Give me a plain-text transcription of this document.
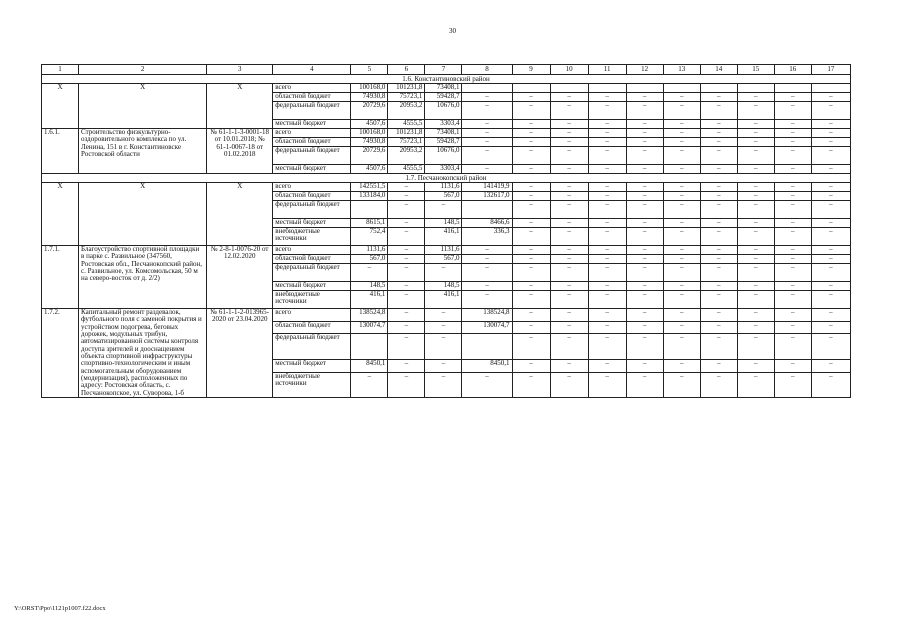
30
1	2	3	4	5	6	7	8	9	10	11	12	13	14	15	16	17
1.6. Константиновский район																
X	X	X	всего	100168,0	101231,8	73408,1										
			областной бюджет	74930,8	75723,1	59428,7	–	–	–	–	–	–	–	–	–	–
			федеральный бюджет	20729,6	20953,2	10676,0	–	–	–	–	–	–	–	–	–	–
			местный бюджет	4507,6	4555,5	3303,4	–	–	–	–	–	–	–	–	–	–
1.6.1.	Строительство физкультурно-оздоровительного комплекса по ул. Ленина, 151 в г. Константиновске Ростовской области	№ 61-1-1-3-0001-18 от 10.01.2018; № 61-1-0067-18 от 01.02.2018	всего	100168,0	101231,8	73408,1	–	–	–	–	–	–	–	–	–	–
			областной бюджет	74930,8	75723,1	59428,7	–	–	–	–	–	–	–	–	–	–
			федеральный бюджет	20729,6	20953,2	10676,0	–	–	–	–	–	–	–	–	–	–
			местный бюджет	4507,6	4555,5	3303,4	–	–	–	–	–	–	–	–	–	–
1.7. Песчанокопский район																
X	X	X	всего	142551,5	–	1131,6	141419,9	–	–	–	–	–	–	–	–	–
			областной бюджет	133184,0	–	567,0	132617,0	–	–	–	–	–	–	–	–	–
			федеральный бюджет		–	–		–	–	–	–	–	–	–	–	–
			местный бюджет	8615,1	–	148,5	8466,6	–	–	–	–	–	–	–	–	–
			внебюджетные источники	752,4	–	416,1	336,3	–	–	–	–	–	–	–	–	–
1.7.1.	Благоустройство спортивной площадки в парке с. Развильное (347560, Ростовская обл., Песчанокопский район, с. Развильное, ул. Комсомольская, 50 м на северо-восток от д. 2/2)	№ 2-8-1-0076-20 от 12.02.2020	всего	1131,6	–	1131,6	–	–	–	–	–	–	–	–	–	–
			областной бюджет	567,0	–	567,0	–	–	–	–	–	–	–	–	–	–
			федеральный бюджет	–	–	–	–	–	–	–	–	–	–	–	–	–
			местный бюджет	148,5	–	148,5	–	–	–	–	–	–	–	–	–	–
			внебюджетные источники	416,1	–	416,1	–	–	–	–	–	–	–	–	–	–
1.7.2.	Капитальный ремонт раздевалок, футбольного поля с заменой покрытия и устройством подогрева, беговых дорожек, модульных трибун, автоматизированной системы контроля доступа зрителей и дооснащением объекта спортивной инфраструктуры спортивно-технологическим и иным вспомогательным оборудованием (модернизация), расположенных по адресу: Ростовская область, с. Песчанокопское, ул. Суворова, 1-б	№ 61-1-1-2-013965-2020 от 23.04.2020	всего	138524,8	–	–	138524,8	–	–	–	–	–	–	–	–	–
			областной бюджет	130074,7	–	–	130074,7	–	–	–	–	–	–	–	–	–
			федеральный бюджет		–	–		–	–	–	–	–	–	–	–	–
			местный бюджет	8450,1	–	–	8450,1	–	–	–	–	–	–	–	–	–
			внебюджетные источники	–	–	–	–	–	–	–	–	–	–	–	–	–
Y:\ORST\Ppo\1121p1007.f22.docx
